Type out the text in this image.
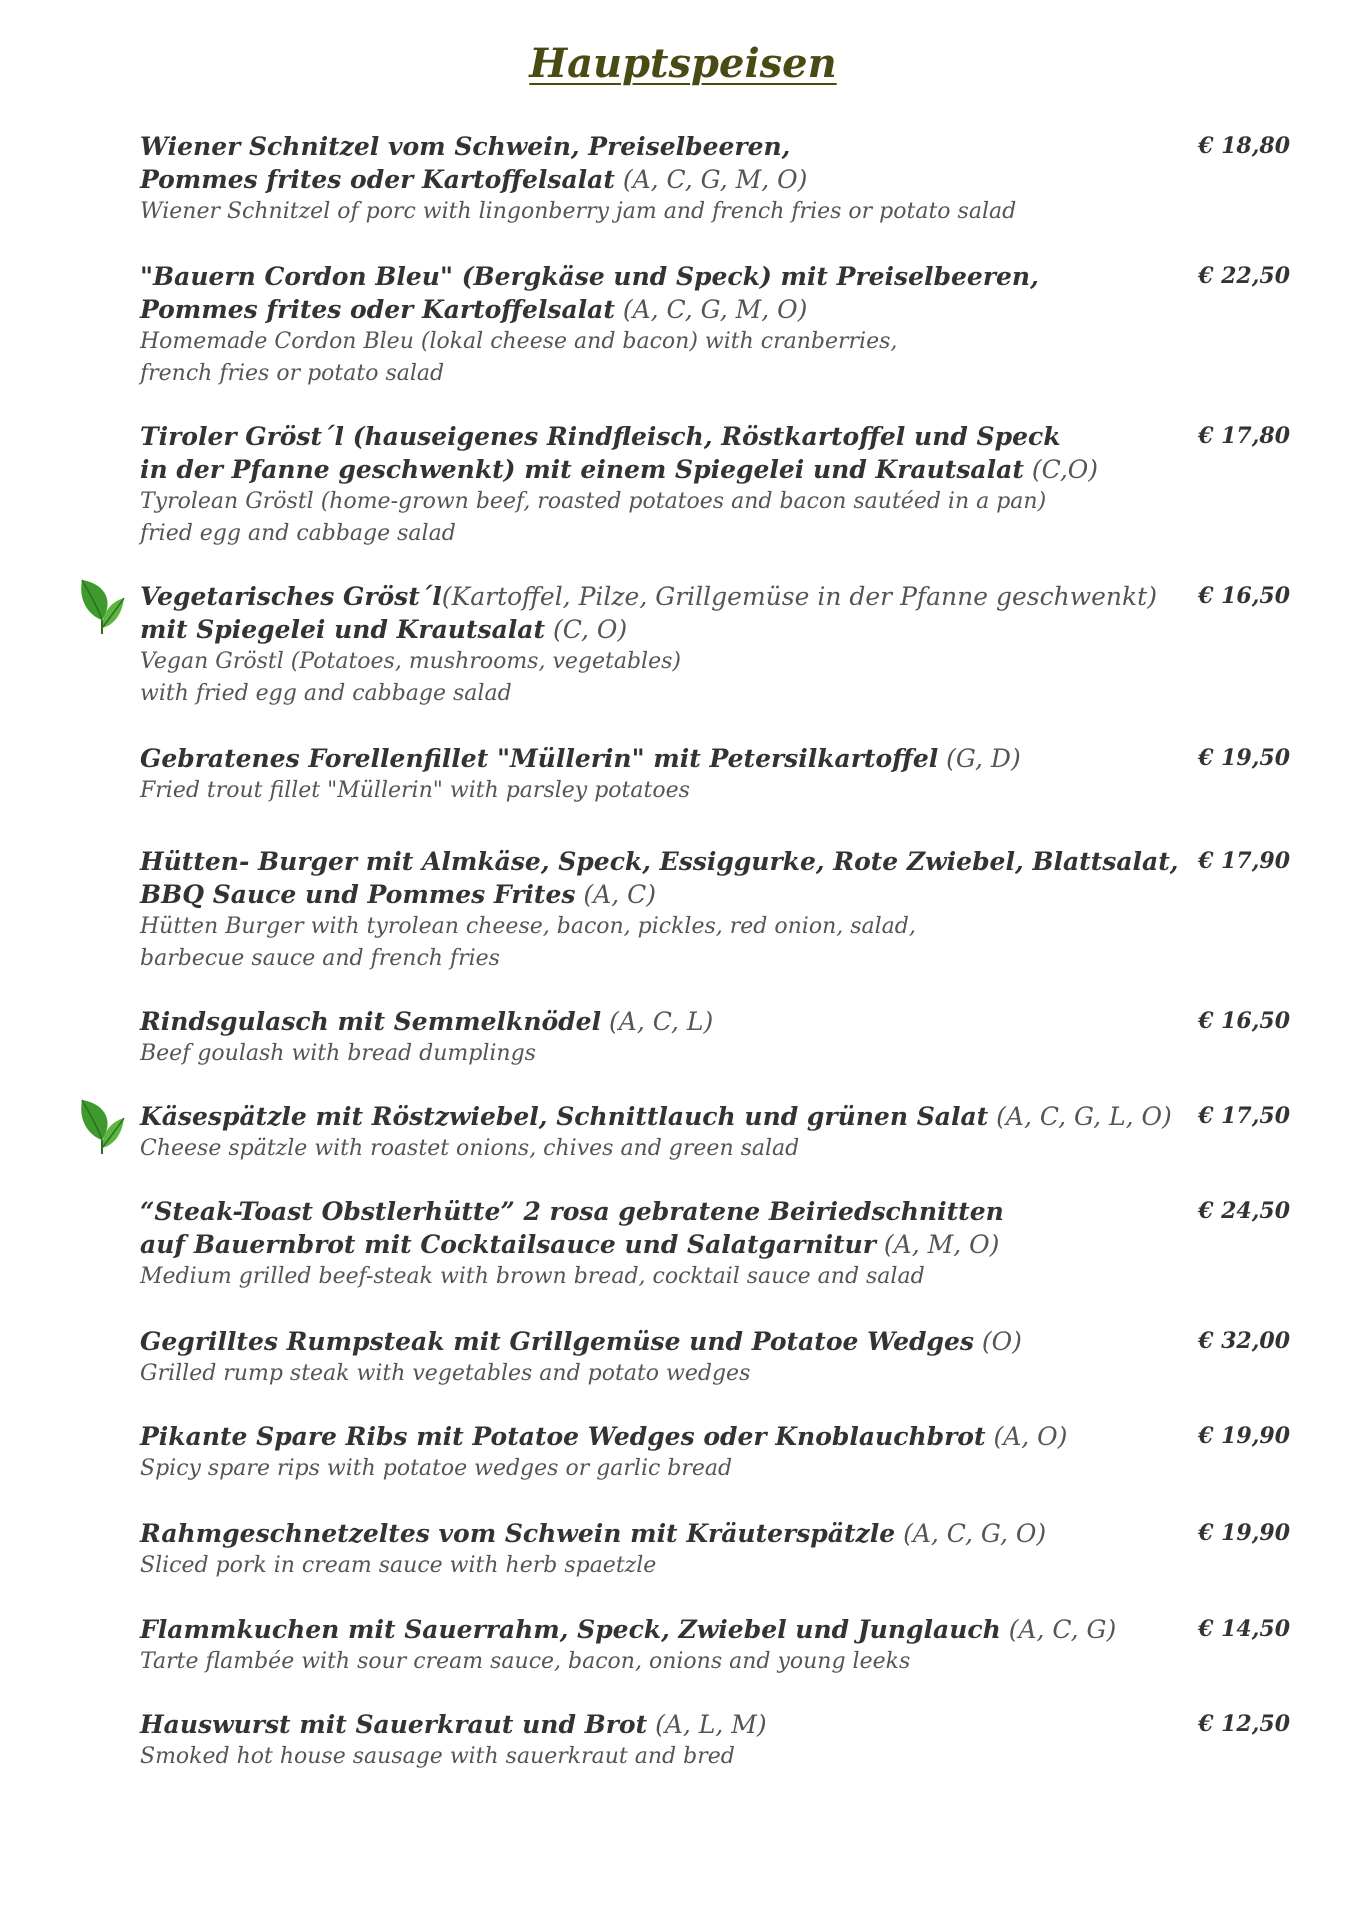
Hauptspeisen
Wiener Schnitzel vom Schwein, Preiselbeeren,
Pommes frites oder Kartoffelsalat (A, C, G, M, O)
Wiener Schnitzel of porc with lingonberry jam and french fries or potato salad
€ 18,80
"Bauern Cordon Bleu" (Bergkäse und Speck) mit Preiselbeeren,
Pommes frites oder Kartoffelsalat (A, C, G, M, O)
Homemade Cordon Bleu (lokal cheese and bacon) with cranberries,
french fries or potato salad
€ 22,50
Tiroler Gröst´l (hauseigenes Rindfleisch, Röstkartoffel und Speck
in der Pfanne geschwenkt) mit einem Spiegelei und Krautsalat (C,O)
Tyrolean Gröstl (home-grown beef, roasted potatoes and bacon sautéed in a pan)
fried egg and cabbage salad
€ 17,80
Vegetarisches Gröst´l(Kartoffel, Pilze, Grillgemüse in der Pfanne geschwenkt)
mit Spiegelei und Krautsalat (C, O)
Vegan Gröstl (Potatoes, mushrooms, vegetables)
with fried egg and cabbage salad
€ 16,50
Gebratenes Forellenfillet "Müllerin" mit Petersilkartoffel (G, D)
Fried trout fillet "Müllerin" with parsley potatoes
€ 19,50
Hütten- Burger mit Almkäse, Speck, Essiggurke, Rote Zwiebel, Blattsalat,
BBQ Sauce und Pommes Frites (A, C)
Hütten Burger with tyrolean cheese, bacon, pickles, red onion, salad,
barbecue sauce and french fries
€ 17,90
Rindsgulasch mit Semmelknödel (A, C, L)
Beef goulash with bread dumplings
€ 16,50
Käsespätzle mit Röstzwiebel, Schnittlauch und grünen Salat (A, C, G, L, O)
Cheese spätzle with roastet onions, chives and green salad
€ 17,50
“Steak-Toast Obstlerhütte” 2 rosa gebratene Beiriedschnitten
auf Bauernbrot mit Cocktailsauce und Salatgarnitur (A, M, O)
Medium grilled beef-steak with brown bread, cocktail sauce and salad
€ 24,50
Gegrilltes Rumpsteak mit Grillgemüse und Potatoe Wedges (O)
Grilled rump steak with vegetables and potato wedges
€ 32,00
Pikante Spare Ribs mit Potatoe Wedges oder Knoblauchbrot (A, O)
Spicy spare rips with potatoe wedges or garlic bread
€ 19,90
Rahmgeschnetzeltes vom Schwein mit Kräuterspätzle (A, C, G, O)
Sliced pork in cream sauce with herb spaetzle
€ 19,90
Flammkuchen mit Sauerrahm, Speck, Zwiebel und Junglauch (A, C, G)
Tarte flambée with sour cream sauce, bacon, onions and young leeks
€ 14,50
Hauswurst mit Sauerkraut und Brot (A, L, M)
Smoked hot house sausage with sauerkraut and bred
€ 12,50
